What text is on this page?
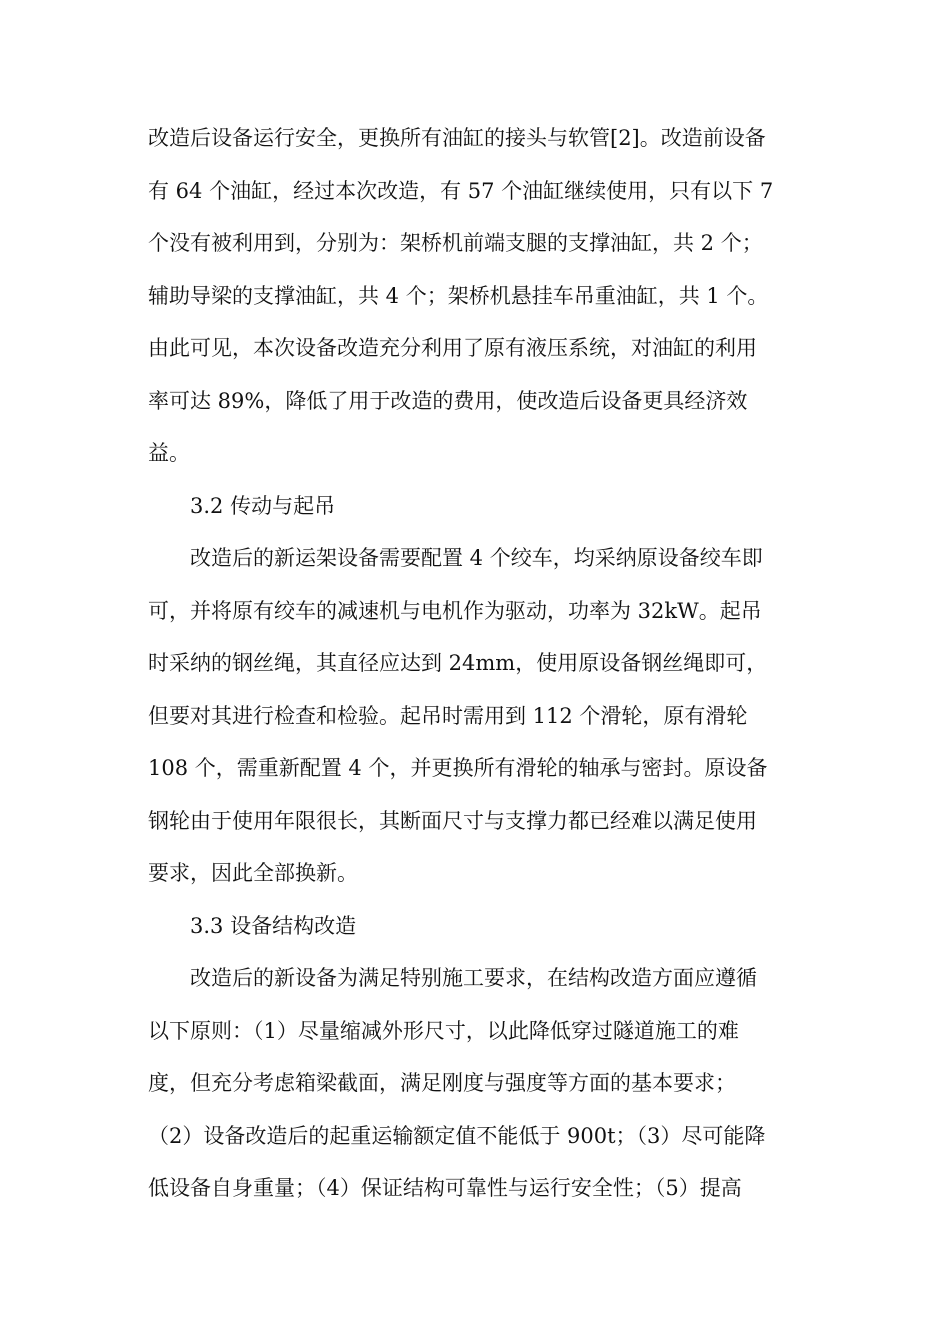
改造后设备运行安全，更换所有油缸的接头与软管[2]。改造前设备
有 64 个油缸，经过本次改造，有 57 个油缸继续使用，只有以下 7
个没有被利用到，分别为：架桥机前端支腿的支撑油缸，共 2 个；
辅助导梁的支撑油缸，共 4 个；架桥机悬挂车吊重油缸，共 1 个。
由此可见，本次设备改造充分利用了原有液压系统，对油缸的利用
率可达 89%，降低了用于改造的费用，使改造后设备更具经济效
益。
3.2 传动与起吊
改造后的新运架设备需要配置 4 个绞车，均采纳原设备绞车即
可，并将原有绞车的减速机与电机作为驱动，功率为 32kW。起吊
时采纳的钢丝绳，其直径应达到 24mm，使用原设备钢丝绳即可，
但要对其进行检查和检验。起吊时需用到 112 个滑轮，原有滑轮
108 个，需重新配置 4 个，并更换所有滑轮的轴承与密封。原设备
钢轮由于使用年限很长，其断面尺寸与支撑力都已经难以满足使用
要求，因此全部换新。
3.3 设备结构改造
改造后的新设备为满足特别施工要求，在结构改造方面应遵循
以下原则：（1）尽量缩减外形尺寸，以此降低穿过隧道施工的难
度，但充分考虑箱梁截面，满足刚度与强度等方面的基本要求；
（2）设备改造后的起重运输额定值不能低于 900t；（3）尽可能降
低设备自身重量；（4）保证结构可靠性与运行安全性；（5）提高
